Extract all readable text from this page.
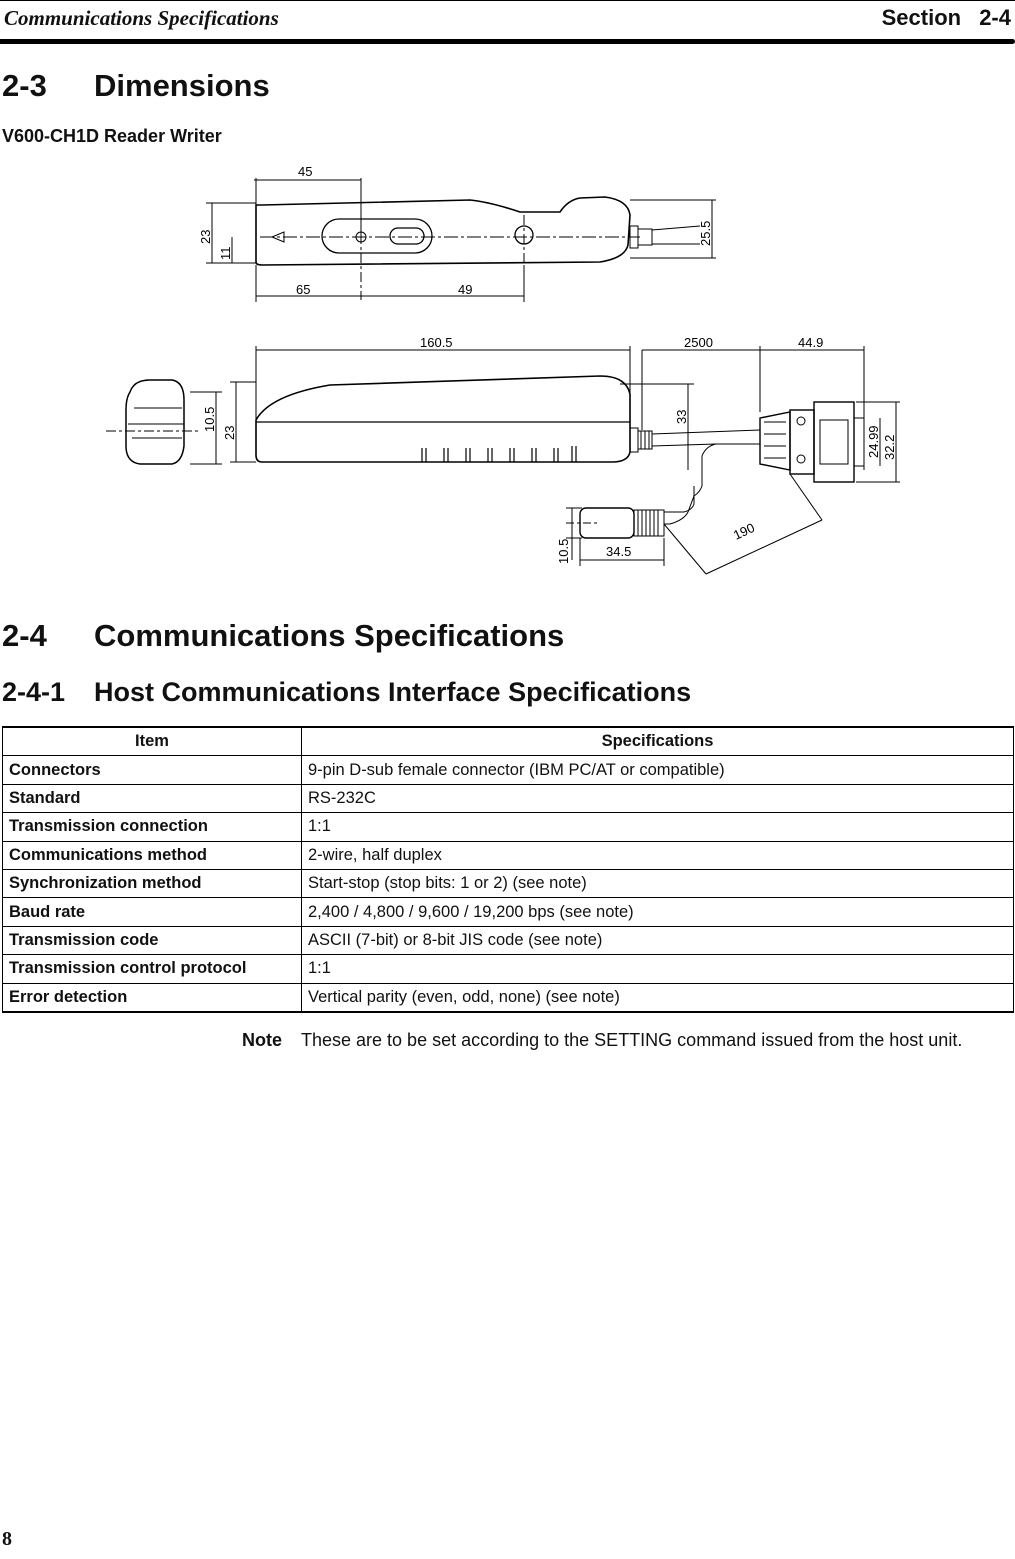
Communications Specifications	Section 2-4
2-3 Dimensions
V600-CH1D Reader Writer
45
23
11
25.5
65	49
160.5	2500	44.9
10.5
23
33
24.99 32.2
190
10.5	34.5
2-4 Communications Specifications
2-4-1 Host Communications Interface Specifications
Item	Specifications
Connectors	9-pin D-sub female connector (IBM PC/AT or compatible)
Standard	RS-232C
Transmission connection	1:1
Communications method	2-wire, half duplex
Synchronization method	Start-stop (stop bits: 1 or 2) (see note)
Baud rate	2,400 / 4,800 / 9,600 / 19,200 bps (see note)
Transmission code	ASCII (7-bit) or 8-bit JIS code (see note)
Transmission control protocol	1:1
Error detection	Vertical parity (even, odd, none) (see note)
Note These are to be set according to the SETTING command issued from the host unit.
8
